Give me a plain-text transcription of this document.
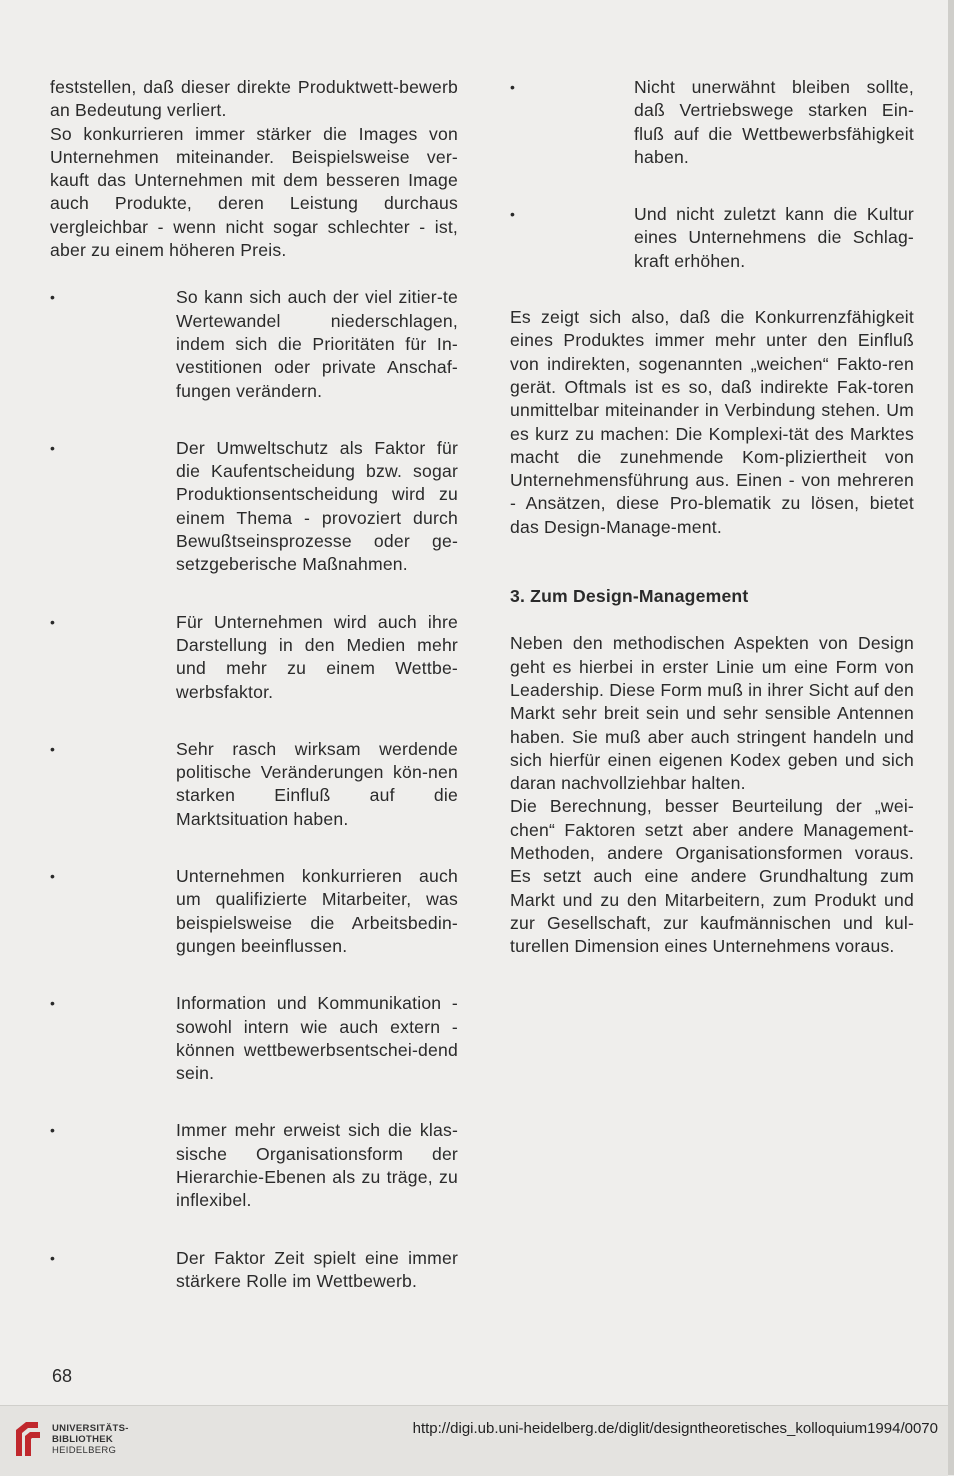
feststellen, daß dieser direkte Produktwett-bewerb an Bedeutung verliert.

So konkurrieren immer stärker die Images von Unternehmen miteinander. Beispielsweise ver-kauft das Unternehmen mit dem besseren Image auch Produkte, deren Leistung durchaus vergleichbar - wenn nicht sogar schlechter - ist, aber zu einem höheren Preis.

•	So kann sich auch der viel zitier-te Wertewandel niederschlagen, indem sich die Prioritäten für In-vestitionen oder private Anschaf-fungen verändern.
•	Der Umweltschutz als Faktor für die Kaufentscheidung bzw. sogar Produktionsentscheidung wird zu einem Thema - provoziert durch Bewußtseinsprozesse oder ge-setzgeberische Maßnahmen.
•	Für Unternehmen wird auch ihre Darstellung in den Medien mehr und mehr zu einem Wettbe-werbsfaktor.
•	Sehr rasch wirksam werdende politische Veränderungen kön-nen starken Einfluß auf die Marktsituation haben.
•	Unternehmen konkurrieren auch um qualifizierte Mitarbeiter, was beispielsweise die Arbeitsbedin-gungen beeinflussen.
•	Information und Kommunikation - sowohl intern wie auch extern - können wettbewerbsentschei-dend sein.
•	Immer mehr erweist sich die klas-sische Organisationsform der Hierarchie-Ebenen als zu träge, zu inflexibel.
•	Der Faktor Zeit spielt eine immer stärkere Rolle im Wettbewerb.
•	Nicht unerwähnt bleiben sollte, daß Vertriebswege starken Ein-fluß auf die Wettbewerbsfähigkeit haben.
•	Und nicht zuletzt kann die Kultur eines Unternehmens die Schlag-kraft erhöhen.

Es zeigt sich also, daß die Konkurrenzfähigkeit eines Produktes immer mehr unter den Einfluß von indirekten, sogenannten „weichen“ Fakto-ren gerät. Oftmals ist es so, daß indirekte Fak-toren unmittelbar miteinander in Verbindung stehen. Um es kurz zu machen: Die Komplexi-tät des Marktes macht die zunehmende Kom-pliziertheit von Unternehmensführung aus. Einen - von mehreren - Ansätzen, diese Pro-blematik zu lösen, bietet das Design-Manage-ment.

3. Zum Design-Management

Neben den methodischen Aspekten von Design geht es hierbei in erster Linie um eine Form von Leadership. Diese Form muß in ihrer Sicht auf den Markt sehr breit sein und sehr sensible Antennen haben. Sie muß aber auch stringent handeln und sich hierfür einen eigenen Kodex geben und sich daran nachvollziehbar halten.

Die Berechnung, besser Beurteilung der „wei-chen“ Faktoren setzt aber andere Management-Methoden, andere Organisationsformen voraus. Es setzt auch eine andere Grundhaltung zum Markt und zu den Mitarbeitern, zum Produkt und zur Gesellschaft, zur kaufmännischen und kul-turellen Dimension eines Unternehmens voraus.

68
UNIVERSITÄTS-
BIBLIOTHEK
HEIDELBERG
http://digi.ub.uni-heidelberg.de/diglit/designtheoretisches_kolloquium1994/0070
